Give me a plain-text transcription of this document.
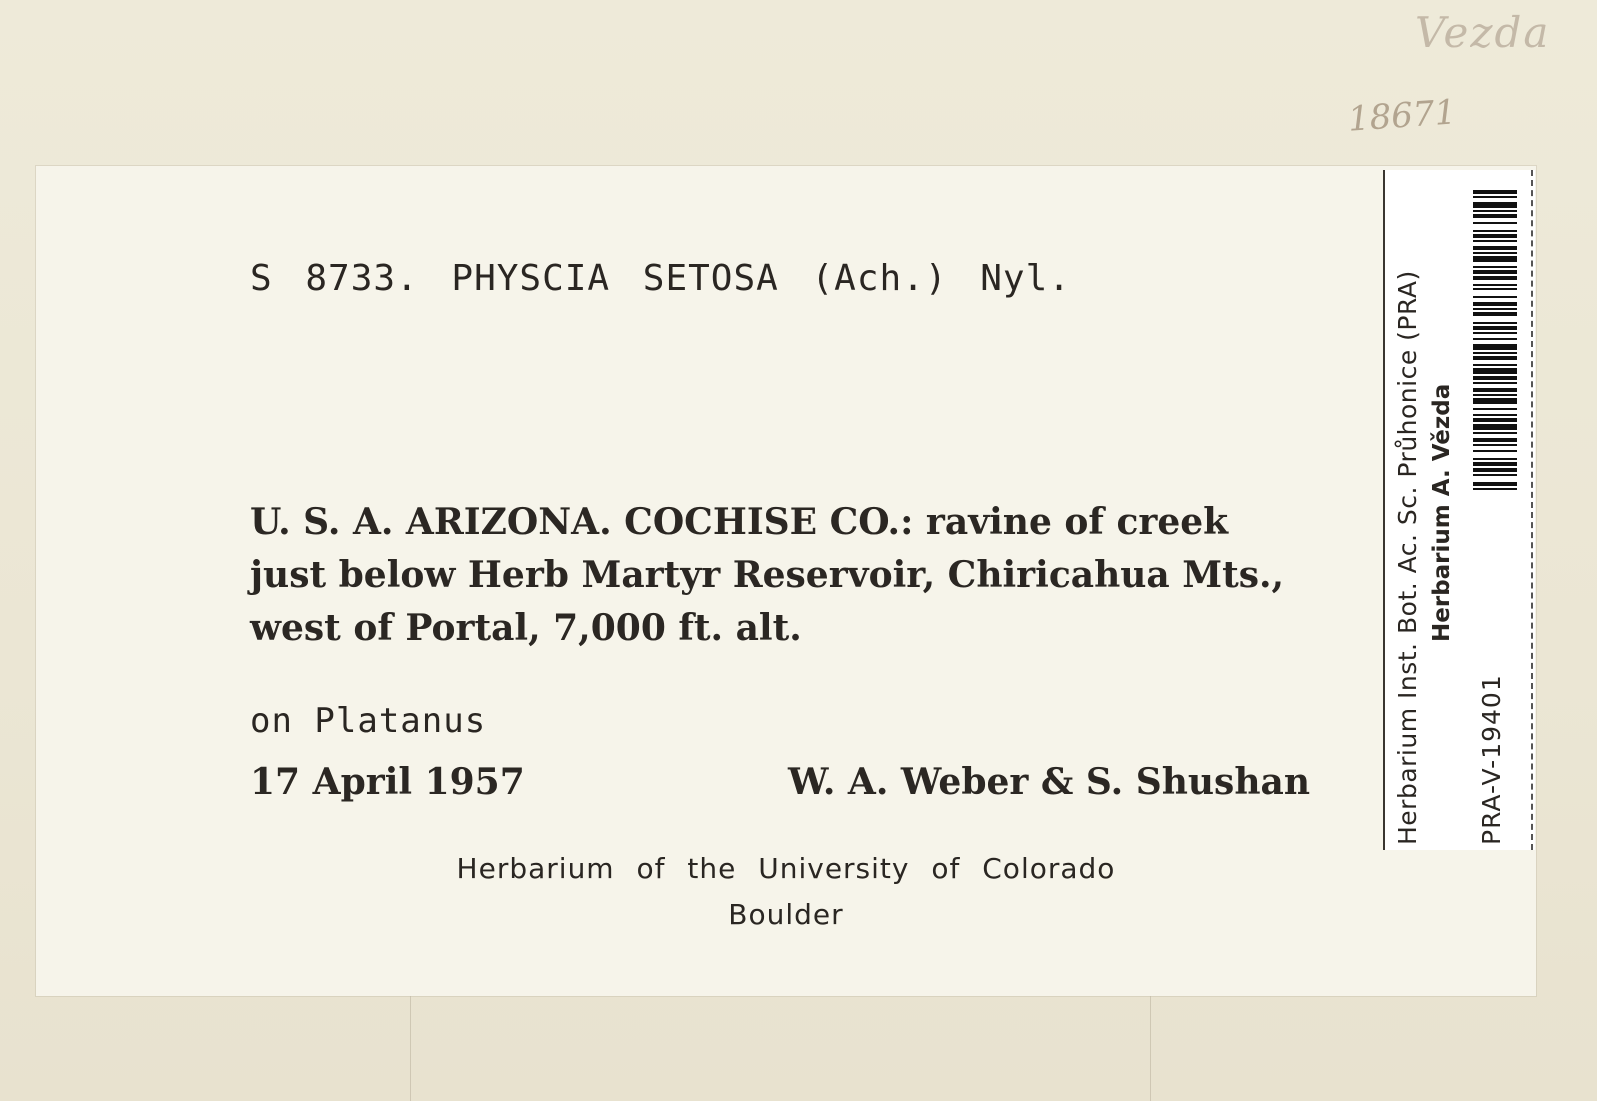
Vezda
18671
S 8733. PHYSCIA SETOSA (Ach.) Nyl.
U. S. A. ARIZONA. COCHISE CO.: ravine of creek
just below Herb Martyr Reservoir, Chiricahua Mts.,
west of Portal, 7,000 ft. alt.
on Platanus
17 April 1957	W. A. Weber & S. Shushan
Herbarium of the University of Colorado
Boulder
Herbarium Inst. Bot. Ac. Sc. Průhonice (PRA) Herbarium A. Vězda
PRA-V-19401
